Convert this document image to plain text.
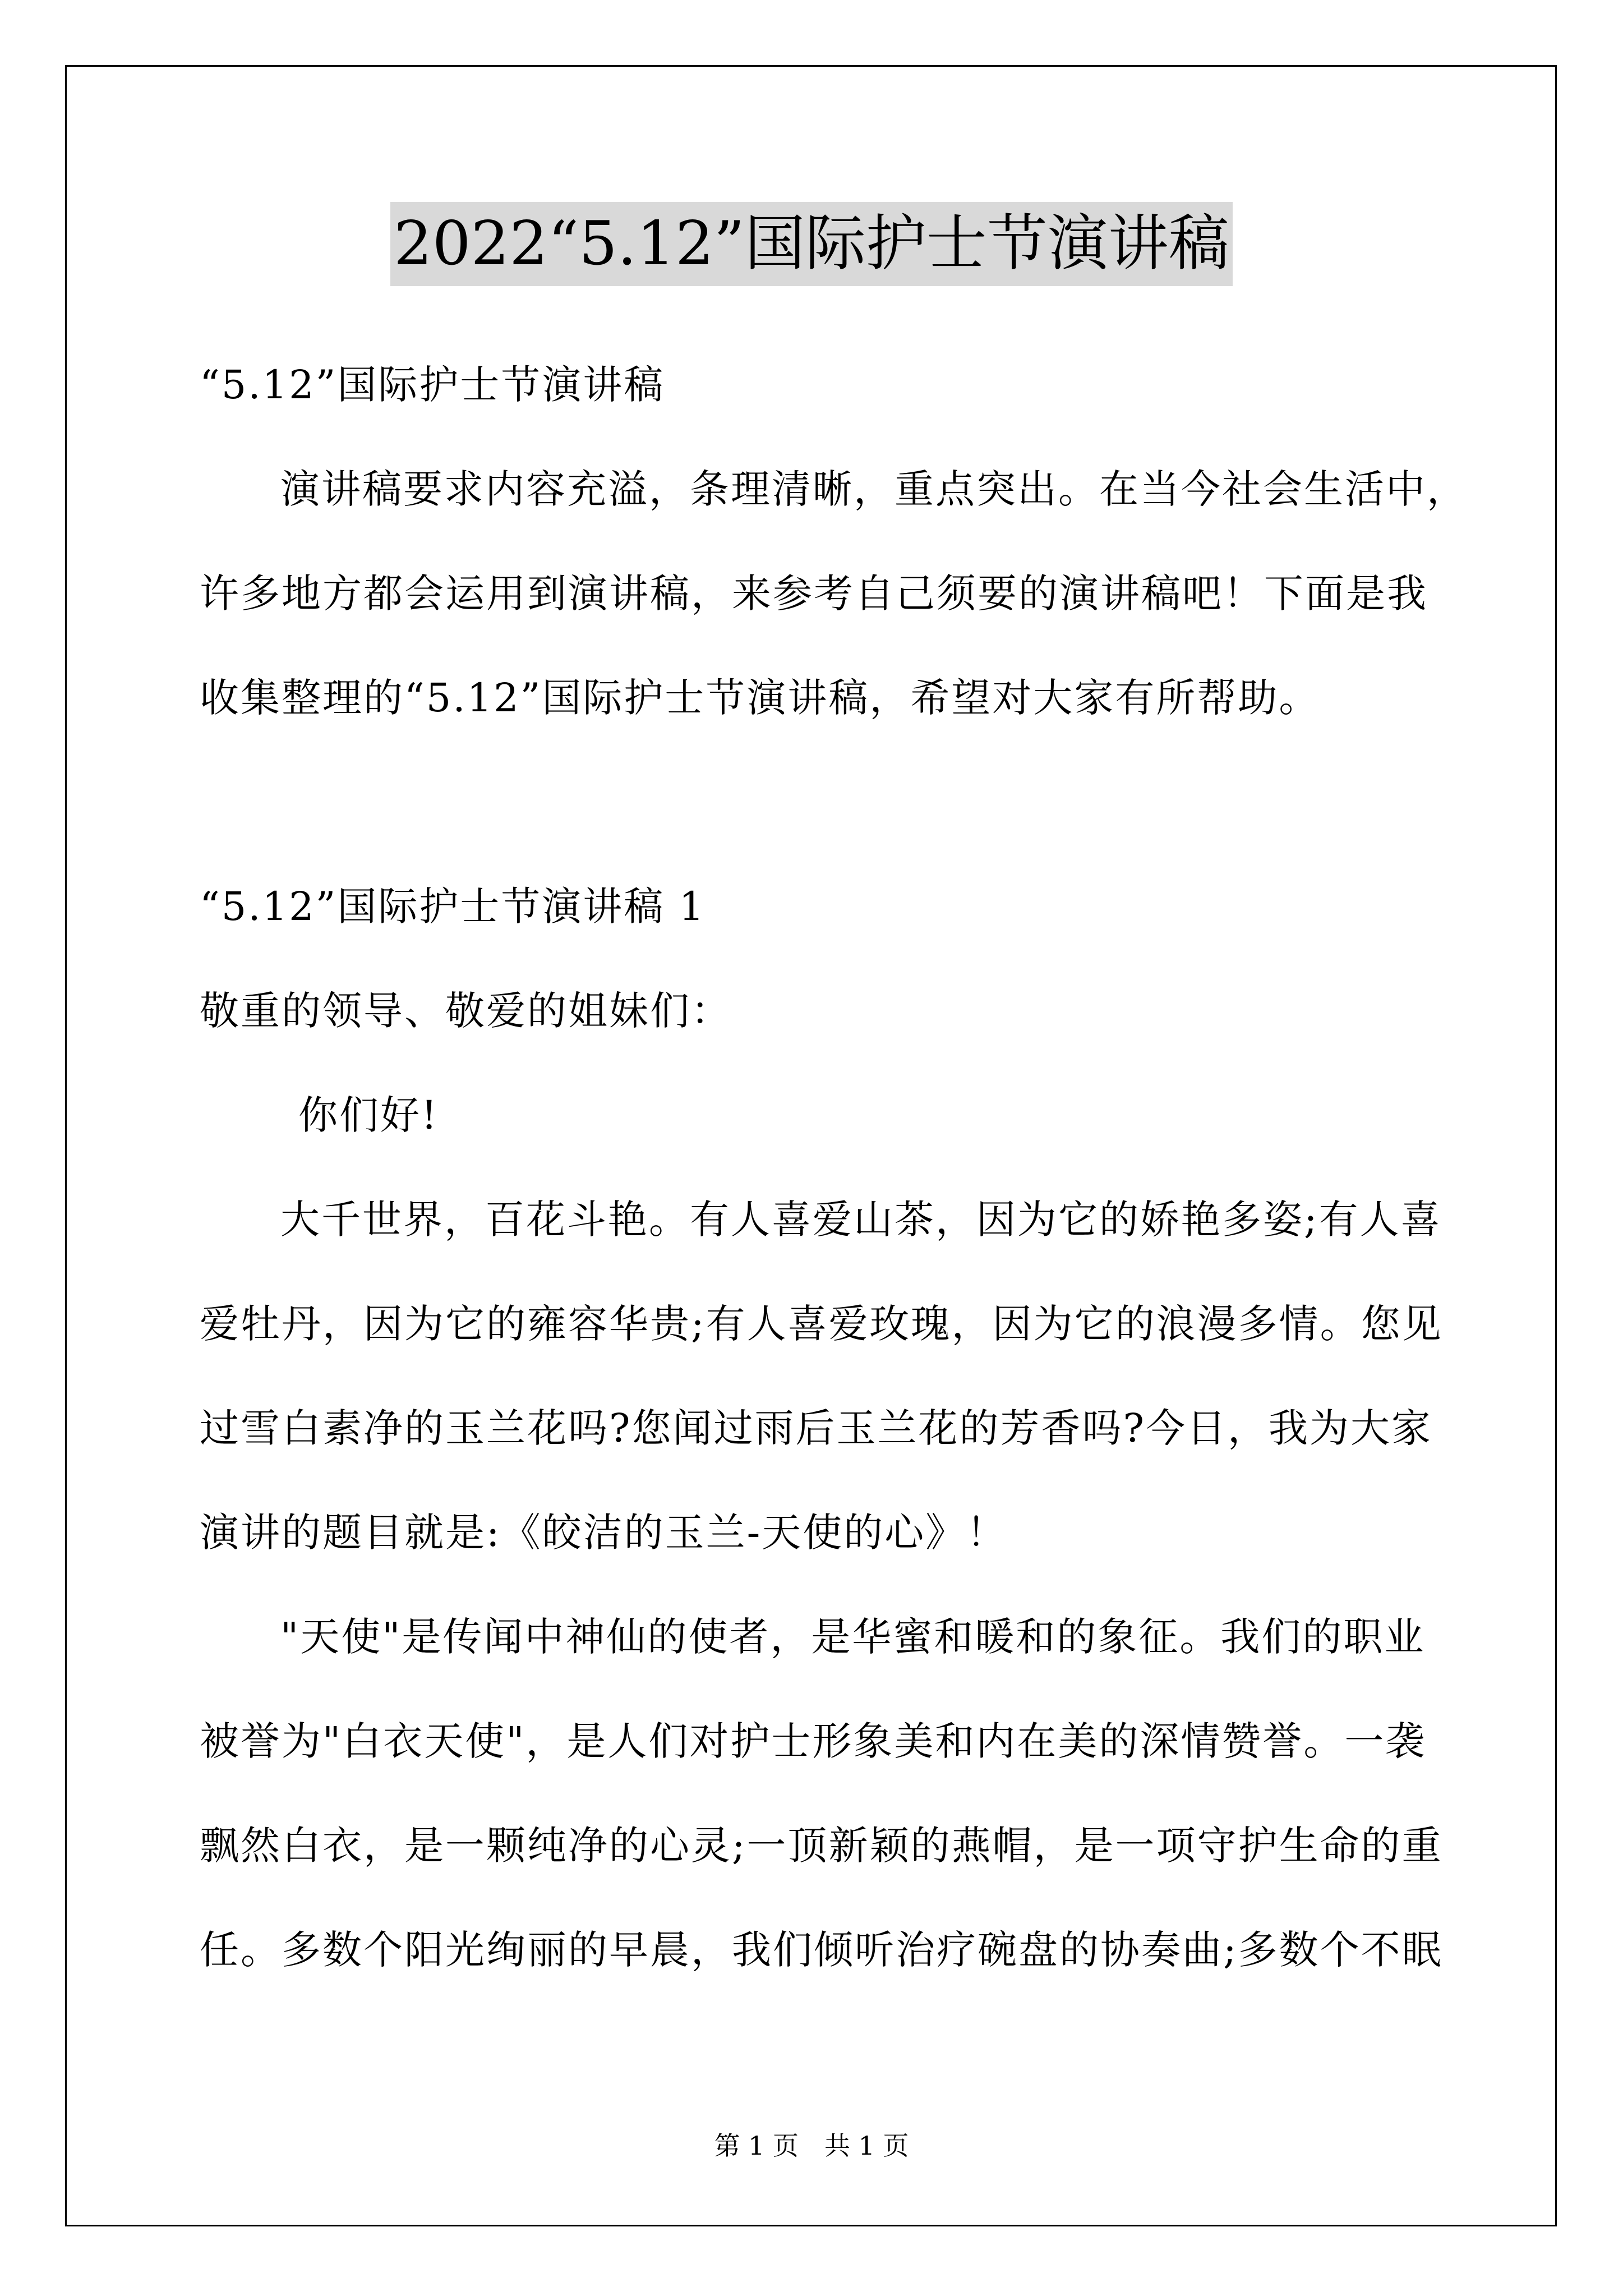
2022“5.12”国际护士节演讲稿

“5.12”国际护士节演讲稿

演讲稿要求内容充溢，条理清晰，重点突出。在当今社会生活中，

许多地方都会运用到演讲稿，来参考自己须要的演讲稿吧！下面是我

收集整理的“5.12”国际护士节演讲稿，希望对大家有所帮助。

“5.12”国际护士节演讲稿 1

敬重的领导、敬爱的姐妹们：

你们好!

大千世界，百花斗艳。有人喜爱山茶，因为它的娇艳多姿;有人喜

爱牡丹，因为它的雍容华贵;有人喜爱玫瑰，因为它的浪漫多情。您见

过雪白素净的玉兰花吗?您闻过雨后玉兰花的芳香吗?今日，我为大家

演讲的题目就是:《皎洁的玉兰-天使的心》！

"天使"是传闻中神仙的使者，是华蜜和暖和的象征。我们的职业

被誉为"白衣天使"，是人们对护士形象美和内在美的深情赞誉。一袭

飘然白衣，是一颗纯净的心灵;一顶新颖的燕帽，是一项守护生命的重

任。多数个阳光绚丽的早晨，我们倾听治疗碗盘的协奏曲;多数个不眠

第 1 页　共 1 页
